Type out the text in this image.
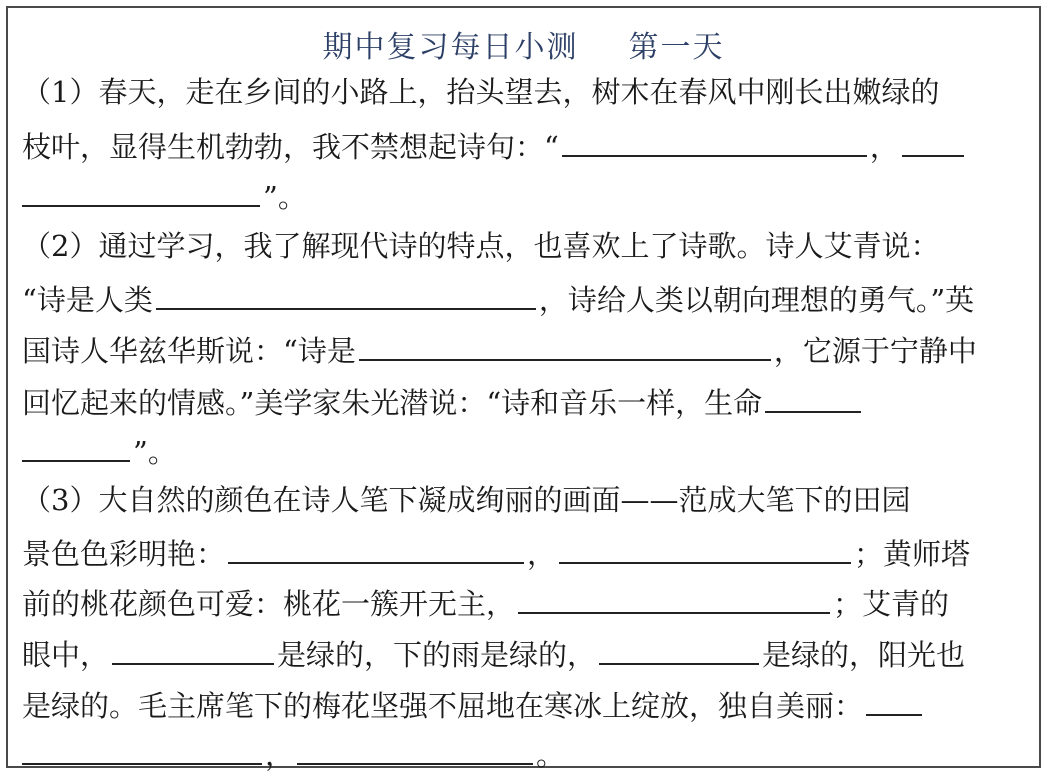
期中复习每日小测 第一天
（1）春天，走在乡间的小路上，抬头望去，树木在春风中刚长出嫩绿的
枝叶，显得生机勃勃，我不禁想起诗句：“	，
”。
（2）通过学习，我了解现代诗的特点，也喜欢上了诗歌。诗人艾青说：
“诗是人类	，诗给人类以朝向理想的勇气。”英
国诗人华兹华斯说：“诗是	，它源于宁静中
回忆起来的情感。”美学家朱光潜说：“诗和音乐一样，生命
”。
（3）大自然的颜色在诗人笔下凝成绚丽的画面——范成大笔下的田园
景色色彩明艳：	，	；黄师塔
前的桃花颜色可爱：桃花一簇开无主，	；艾青的
眼中，	是绿的，下的雨是绿的，	是绿的，阳光也
是绿的。毛主席笔下的梅花坚强不屈地在寒冰上绽放，独自美丽：
，	。
